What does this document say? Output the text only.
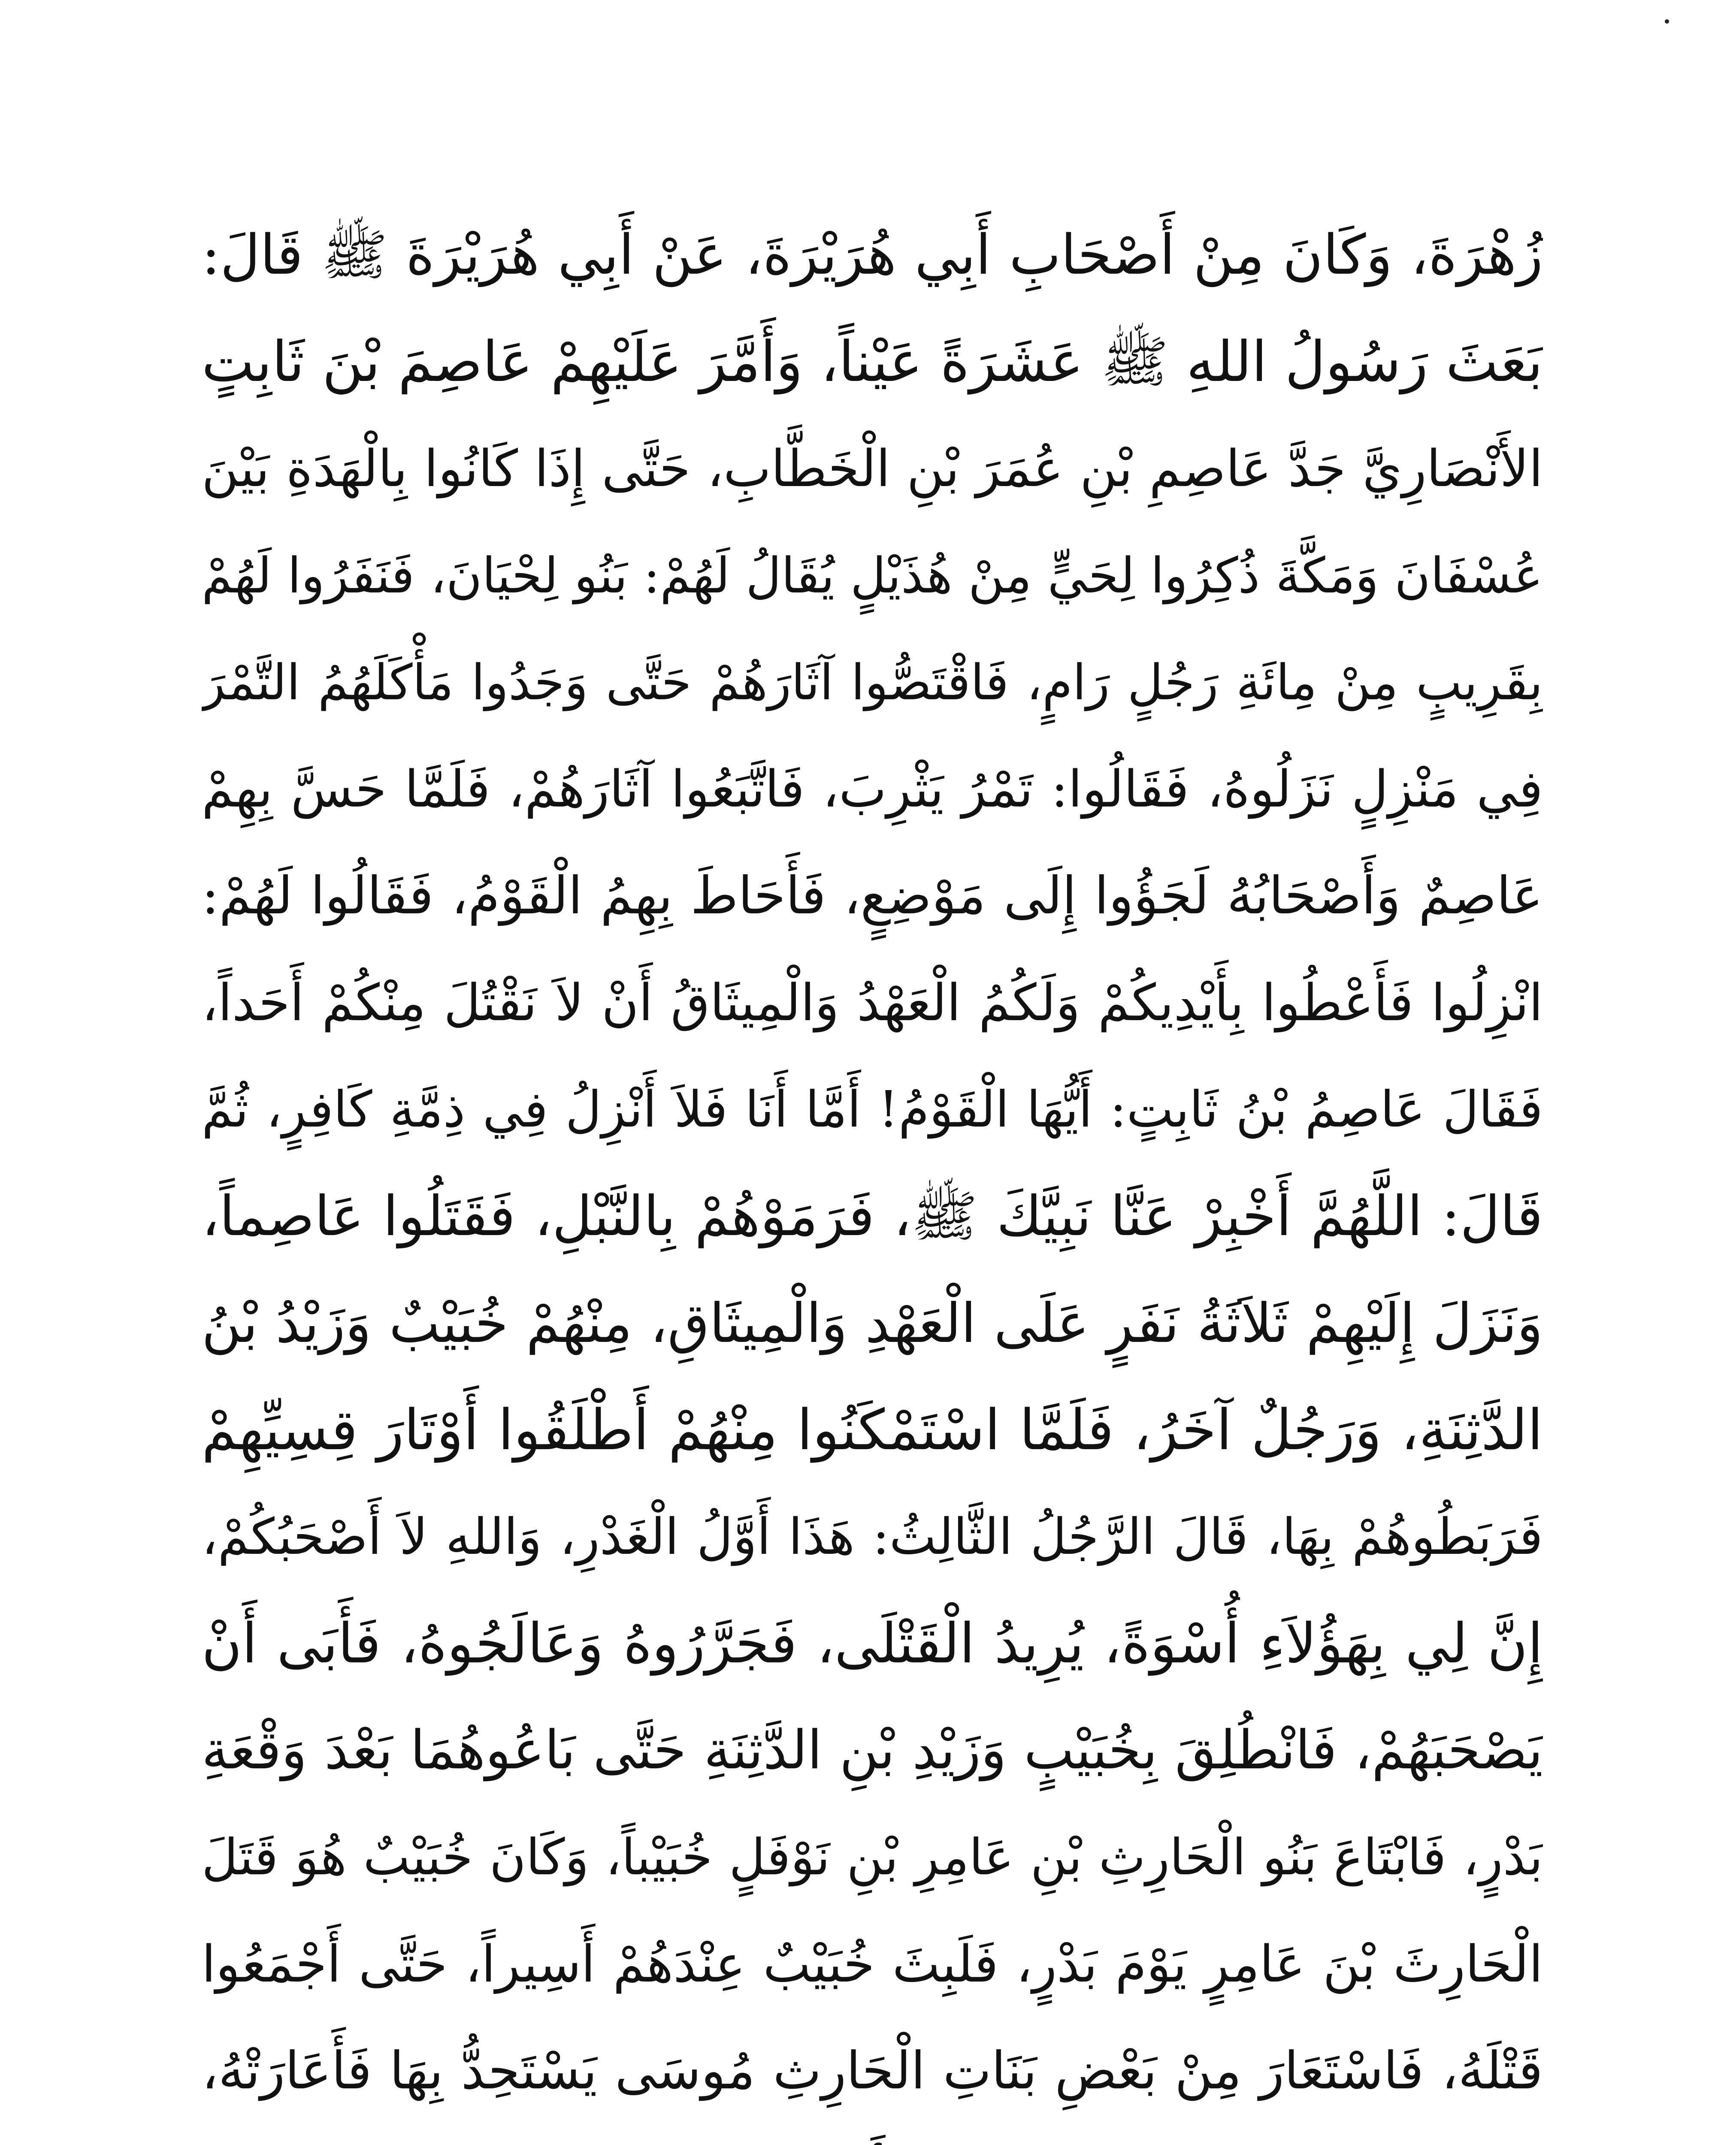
زُهْرَةَ، وَكَانَ مِنْ أَصْحَابِ أَبِي هُرَيْرَةَ، عَنْ أَبِي هُرَيْرَةَ ﷺ قَالَ:
بَعَثَ رَسُولُ اللهِ ﷺ عَشَرَةً عَيْناً، وَأَمَّرَ عَلَيْهِمْ عَاصِمَ بْنَ ثَابِتٍ
الأَنْصَارِيَّ جَدَّ عَاصِمِ بْنِ عُمَرَ بْنِ الْخَطَّابِ، حَتَّى إِذَا كَانُوا بِالْهَدَةِ بَيْنَ
عُسْفَانَ وَمَكَّةَ ذُكِرُوا لِحَيٍّ مِنْ هُذَيْلٍ يُقَالُ لَهُمْ: بَنُو لِحْيَانَ، فَنَفَرُوا لَهُمْ
بِقَرِيبٍ مِنْ مِائَةِ رَجُلٍ رَامٍ، فَاقْتَصُّوا آثَارَهُمْ حَتَّى وَجَدُوا مَأْكَلَهُمُ التَّمْرَ
فِي مَنْزِلٍ نَزَلُوهُ، فَقَالُوا: تَمْرُ يَثْرِبَ، فَاتَّبَعُوا آثَارَهُمْ، فَلَمَّا حَسَّ بِهِمْ
عَاصِمٌ وَأَصْحَابُهُ لَجَؤُوا إِلَى مَوْضِعٍ، فَأَحَاطَ بِهِمُ الْقَوْمُ، فَقَالُوا لَهُمْ:
انْزِلُوا فَأَعْطُوا بِأَيْدِيكُمْ وَلَكُمُ الْعَهْدُ وَالْمِيثَاقُ أَنْ لاَ نَقْتُلَ مِنْكُمْ أَحَداً،
فَقَالَ عَاصِمُ بْنُ ثَابِتٍ: أَيُّهَا الْقَوْمُ! أَمَّا أَنَا فَلاَ أَنْزِلُ فِي ذِمَّةِ كَافِرٍ، ثُمَّ
قَالَ: اللَّهُمَّ أَخْبِرْ عَنَّا نَبِيَّكَ ﷺ، فَرَمَوْهُمْ بِالنَّبْلِ، فَقَتَلُوا عَاصِماً،
وَنَزَلَ إِلَيْهِمْ ثَلاَثَةُ نَفَرٍ عَلَى الْعَهْدِ وَالْمِيثَاقِ، مِنْهُمْ خُبَيْبٌ وَزَيْدُ بْنُ
الدَّثِنَةِ، وَرَجُلٌ آخَرُ، فَلَمَّا اسْتَمْكَنُوا مِنْهُمْ أَطْلَقُوا أَوْتَارَ قِسِيِّهِمْ
فَرَبَطُوهُمْ بِهَا، قَالَ الرَّجُلُ الثَّالِثُ: هَذَا أَوَّلُ الْغَدْرِ، وَاللهِ لاَ أَصْحَبُكُمْ،
إِنَّ لِي بِهَؤُلاَءِ أُسْوَةً، يُرِيدُ الْقَتْلَى، فَجَرَّرُوهُ وَعَالَجُوهُ، فَأَبَى أَنْ
يَصْحَبَهُمْ، فَانْطُلِقَ بِخُبَيْبٍ وَزَيْدِ بْنِ الدَّثِنَةِ حَتَّى بَاعُوهُمَا بَعْدَ وَقْعَةِ
بَدْرٍ، فَابْتَاعَ بَنُو الْحَارِثِ بْنِ عَامِرِ بْنِ نَوْفَلٍ خُبَيْباً، وَكَانَ خُبَيْبٌ هُوَ قَتَلَ
الْحَارِثَ بْنَ عَامِرٍ يَوْمَ بَدْرٍ، فَلَبِثَ خُبَيْبٌ عِنْدَهُمْ أَسِيراً، حَتَّى أَجْمَعُوا
قَتْلَهُ، فَاسْتَعَارَ مِنْ بَعْضِ بَنَاتِ الْحَارِثِ مُوسَى يَسْتَحِدُّ بِهَا فَأَعَارَتْهُ،
